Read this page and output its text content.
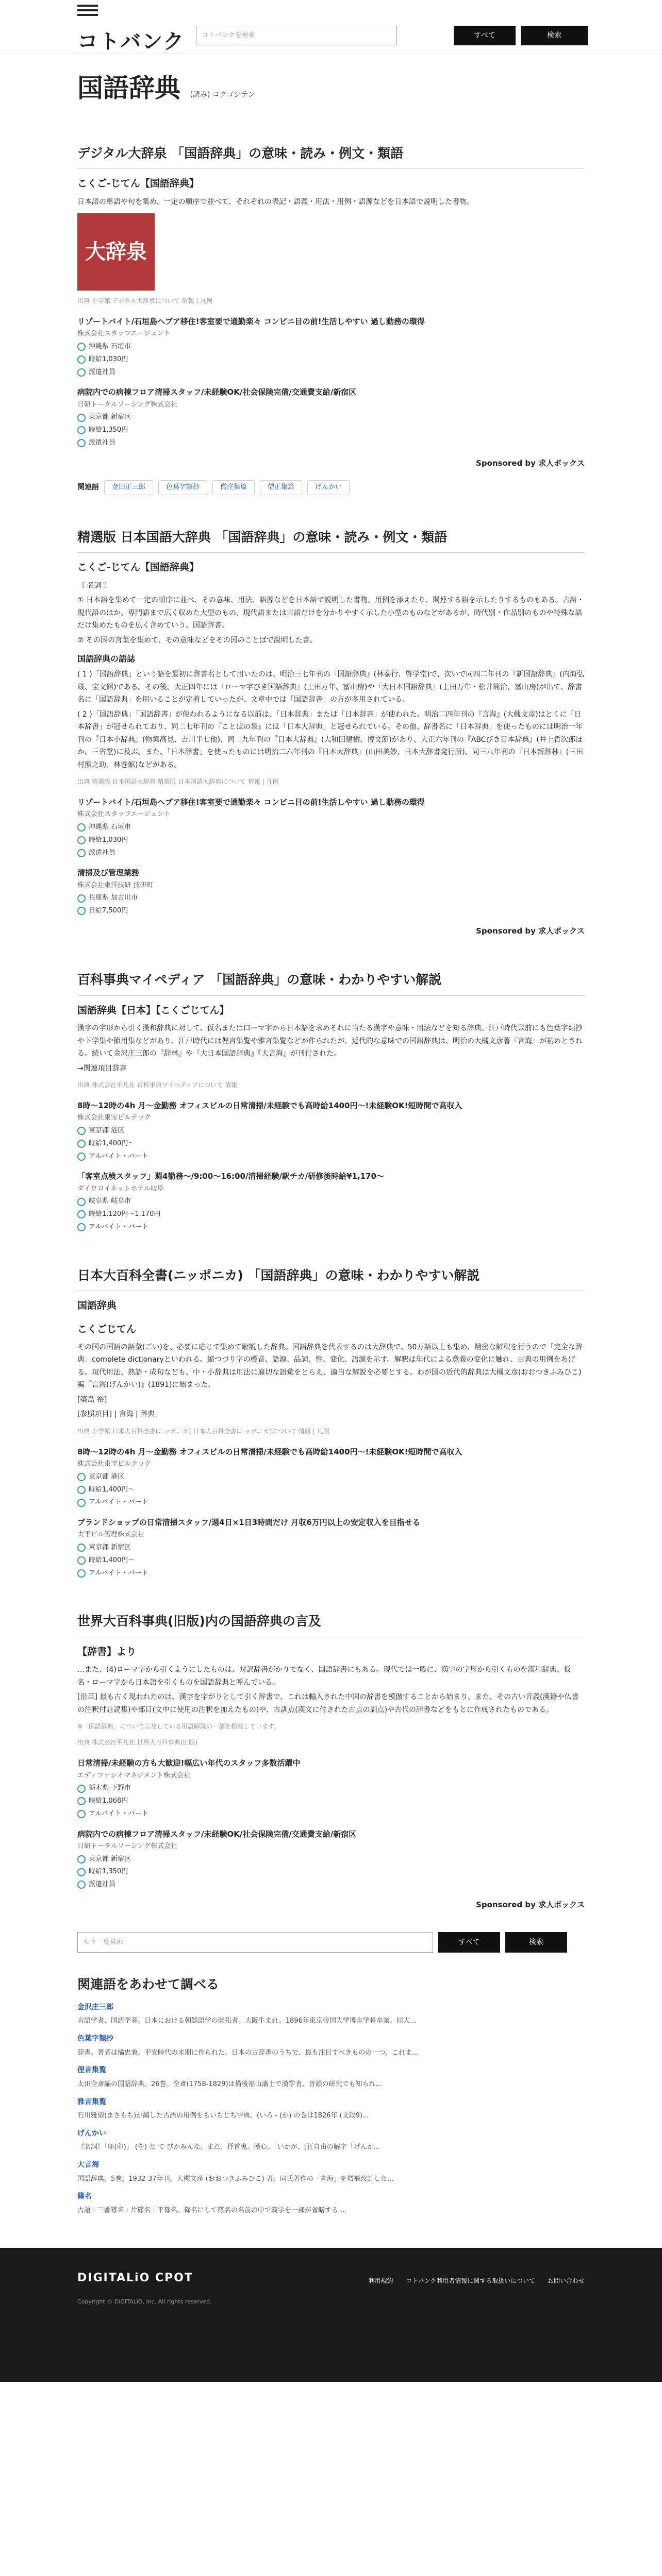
コトバンク	コトバンクを検索	すべて	検索
国語辞典 (読み) コクゴジテン
デジタル大辞泉 「国語辞典」の意味・読み・例文・類語
こくご‐じてん【国語辞典】

日本語の単語や句を集め、一定の順序で並べて、それぞれの表記・語義・用法・用例・語源などを日本語で説明した書物。

大辞泉
出典 小学館 デジタル大辞泉について 情報 | 凡例
リゾートバイト/石垣島へブア移住!客室要で通勤楽々 コンビニ目の前!生活しやすい 過し動務の環得
株式会社スタッフエージェント
沖縄県 石垣市
時給1,030円
派遣社員
病院内での病棟フロア清掃スタッフ/未経験OK/社会保険完備/交通費支給/新宿区
日研トータルソーシング株式会社
東京都 新宿区
時給1,350円
派遣社員
Sponsored by 求人ボックス
関連語	金田正三郎	色葉字類抄	僧注集篇	僧正集篇	げんかい
精選版 日本国語大辞典 「国語辞典」の意味・読み・例文・類語
こくご‐じてん【国語辞典】

〘 名詞 〙

① 日本語を集めて一定の順序に並べ、その意味、用法、語源などを日本語で説明した書物。用例を添えたり、関連する語を示したりするものもある。古語・現代語のほか、専門語まで広く収めた大型のもの、現代語または古語だけを分かりやすく示した小型のものなどがあるが、時代別・作品別のものや特殊な語だけ集めたものを広く含めていう。国語辞書。

② その国の言葉を集めて、その意味などをその国のことばで説明した書。

国語辞典の語誌

( 1 )「国語辞典」という語を最初に辞書名として用いたのは、明治三七年刊の『国語辞典』(林泰行、啓学堂)で、次いで同四二年刊の『新国語辞典』(内海弘蔵、宝文館)である。その後、大正四年には『ローマ字びき国語辞典』(上田万年、冨山房)や『大日本国語辞典』(上田万年・松井簡治、冨山房)が出て、辞書名に「国語辞典」を用いることが定着していったが、文章中では「国語辞書」の方が多用されている。

( 2 )「国語辞典」「国語辞書」が使われるようになる以前は、「日本辞典」または「日本辞書」が使われた。明治二四年刊の『言海』(大槻文彦)はとくに「日本辞書」が冠せられており、同二七年刊の『ことばの泉』には「日本大辞典」と冠せられている。その他、辞書名に「日本辞典」を使ったものには明治一年刊の『日本小辞典』(物集高見、吉川半七他)、同二九年刊の『日本大辞典』(大和田建樹、博文館)があり、大正六年刊の『ABCびき日本辞典』(井上哲次郎ほか、三省堂)に及ぶ。また、「日本辞書」を使ったものには明治二六年刊の『日本大辞典』(山田美妙、日本大辞書発行所)、同三八年刊の『日本新辞林』(三田村熊之助、林巻館)などがある。

出典 精選版 日本国語大辞典 精選版 日本国語大辞典について 情報 | 凡例
リゾートバイト/石垣島へブア移住!客室要で通勤楽々 コンビニ目の前!生活しやすい 過し動務の環得
株式会社スタッフエージェント
沖縄県 石垣市
時給1,030円
派遣社員
清掃及び管理業務
株式会社東洋技研 技研町
兵庫県 加古川市
日給7,500円
Sponsored by 求人ボックス
百科事典マイペディア 「国語辞典」の意味・わかりやすい解説
国語辞典【日本】【こくごじてん】

漢字の字形から引く漢和辞典に対して、仮名または口ーマ字から日本語を求めそれに当たる漢字や意味・用法などを知る辞典。江戸時代以前にも色葉字類抄や下学集や節用集などがあり、江戸時代には俚言集覧や雅言集覧などが作られたが、近代的な意味での国語辞典は、明治の大槻文彦著『言海』が初めとされる。続いて金沢庄三郎の『辞林』や『大日本国語辞典』『大言海』が刊行された。

→関連項目辞書

出典 株式会社平凡社 百科事典マイペディアについて 情報
8時〜12時の4h 月〜金勤務 オフィスビルの日常清掃/未経験でも高時給1400円〜!未経験OK!短時間で高収入
株式会社東宝ビルテック
東京都 港区
時給1,400円〜
アルバイト・パート
「客室点検スタッフ」週4勤務〜/9:00〜16:00/清掃経験/駅チカ/研修後時給¥1,170〜
ダイワロイネットホテル岐阜
岐阜県 岐阜市
時給1,120円〜1,170円
アルバイト・パート
日本大百科全書(ニッポニカ) 「国語辞典」の意味・わかりやすい解説
国語辞典
こくごじてん

その国の国語の語彙(ごい)を、必要に応じて集めて解説した辞典。国語辞典を代表するのは大辞典で、50万語以上も集め、精密な解釈を行うので「完全な辞典」complete dictionaryといわれる。縮つづり字の標音、語源、品詞、性、変化、語源を示す。解釈は年代による意義の変化に触れ、古典の用例をあげる。現代用法、熟語・成句なども、中・小辞典は用法に適切な語彙をとらえ、適当な解説を必要とする。わが国の近代的辞典は大槻文彦(おおつきふみひこ)編『言海(げんかい)』(1891)に始まった。

[築島 裕]

[参照項目] | 言海 | 辞典

出典 小学館 日本大百科全書(ニッポニカ) 日本大百科全書(ニッポニカ)について 情報 | 凡例
8時〜12時の4h 月〜金勤務 オフィスビルの日常清掃/未経験でも高時給1400円〜!未経験OK!短時間で高収入
株式会社東宝ビルテック
東京都 港区
時給1,400円〜
アルバイト・パート
ブランドショップの日常清掃スタッフ/週4日×1日3時間だけ 月収6万円以上の安定収入を目指せる
太平ビル管理株式会社
東京都 新宿区
時給1,400円〜
アルバイト・パート
世界大百科事典(旧版)内の国語辞典の言及
【辞書】より

…また、(4)ローマ字から引くようにしたものは、対訳辞書がかりでなく、国語辞書にもある。現代では一般に、漢字の字形から引くものを漢和辞典、仮名・ローマ字から日本語を引くものを国語辞典と呼んでいる。

[沿革] 最も古く現われたのは、漢字を字がりとして引く辞書で、これは輸入された中国の辞書を模倣することから始まり、また、その古い音義(漢籍や仏書の注釈付註読集)や部目(文中に使用の注釈を加えたもの)や、古訓点(漢文に付された古点の訓点)や古代の辞書などをもとに作成されたものである。

※「国語辞典」について言及している用語解説の一部を掲載しています。

出典 株式会社平凡社 世界大百科事典(旧版)
日常清掃/未経験の方も大歓迎!幅広い年代のスタッフ多数活躍中
エディファシオマネジメント株式会社
栃木県 下野市
時給1,068円
アルバイト・パート
病院内での病棟フロア清掃スタッフ/未経験OK/社会保険完備/交通費支給/新宿区
日研トータルソーシング株式会社
東京都 新宿区
時給1,350円
派遣社員
Sponsored by 求人ボックス
もう一度検索	すべて	検索
関連語をあわせて調べる
金沢庄三郎

言語学者、国語学者。日本における朝鮮語学の開拓者。大阪生まれ。1896年東京帝国大学博言学科卒業。同大...

色葉字類抄

辞書。著者は橘忠兼。平安時代の末期に作られた。日本の古辞書のうちで、最も注目すべきものの一つ。これま...

俚言集覧

太田全斎編の国語辞典。26巻。全斎(1758-1829)は備後福山藩士で漢学者、音韻の研究でも知られ...

雅言集覧

石川雅望(まさもち)が編した古語の用例をもいちじち字典。(いろ - (か) の巻は1826年 (文政9)...

げんかい

〘名詞〙「ゆ(卯)」 (を) た て びかみんな。また、抒首鬼。漢心。「いかが、[狂自由の解字「げんか...

大言海

国語辞典。5巻。1932-37年刊。大槻文彦 (おおつきふみひこ) 著。同氏著作の「言海」を増補改訂した...

篠名

古語 : 三番篠名 : 片篠名 : 平篠名。篠名にして篠名の名前の中で漢字を一部が省略する ...

DIGITALiO CPOT	利用規約 コトバンク利用者情報に関する取扱いについて お問い合わせ
Copyright © DIGITALiO, Inc. All rights reserved.
